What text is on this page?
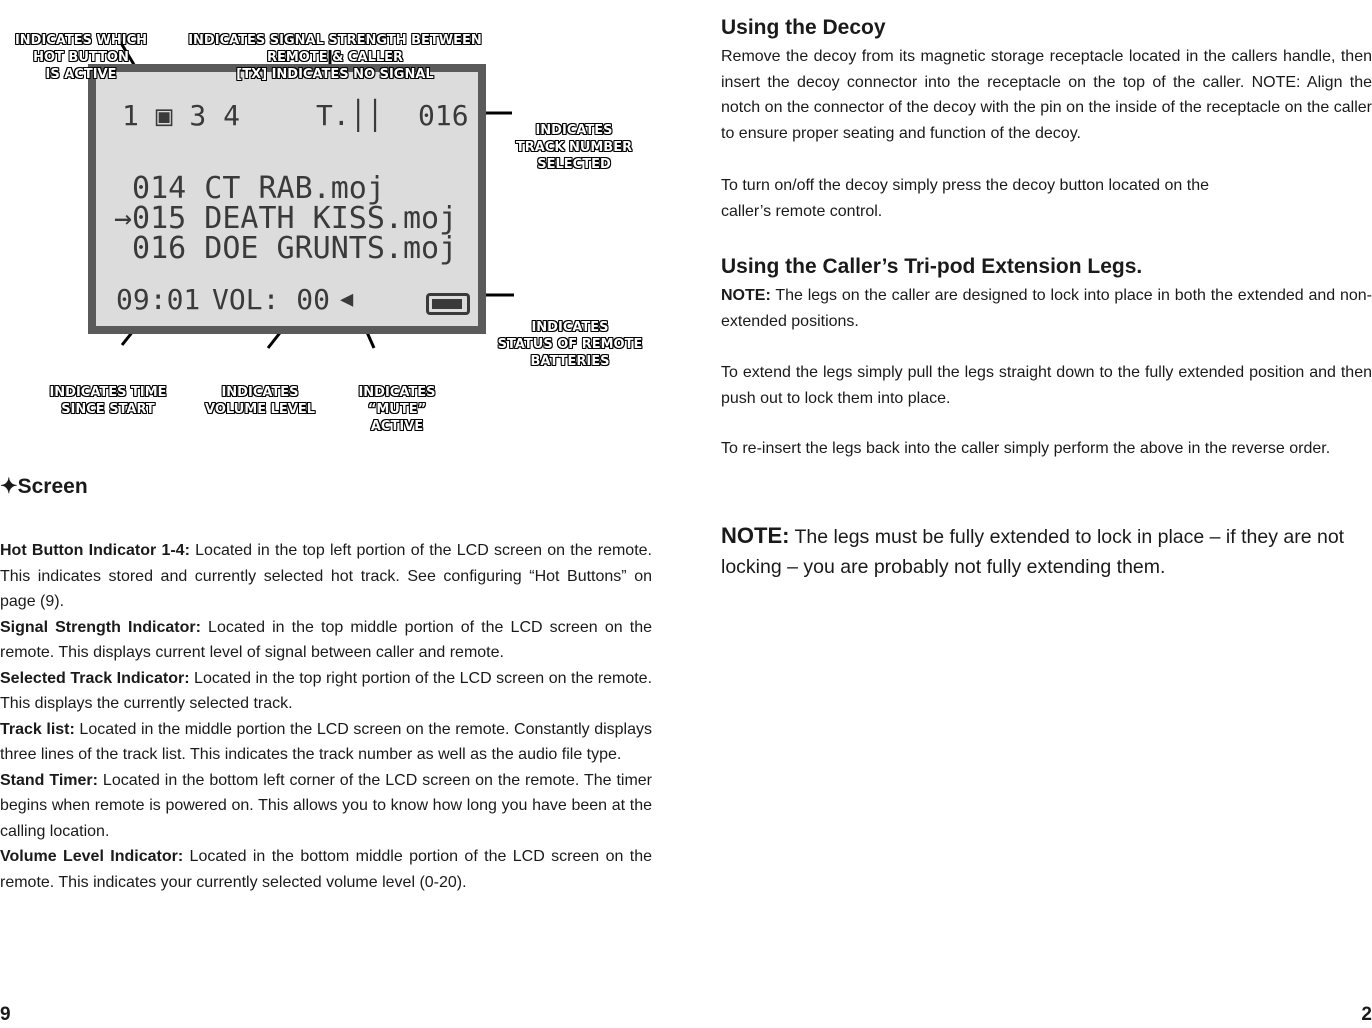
1 ▣ 3 4	T.││ 016
014 CT RAB.moj
→015 DEATH KISS.moj
016 DOE GRUNTS.moj
09:01 VOL: 00 ◀

INDICATES WHICH
HOT BUTTON
IS ACTIVE

INDICATES SIGNAL STRENGTH BETWEEN
REMOTE & CALLER
[TX] INDICATES NO SIGNAL

INDICATES
TRACK NUMBER
SELECTED

INDICATES
STATUS OF REMOTE
BATTERIES

INDICATES TIME
SINCE START

INDICATES
VOLUME LEVEL

INDICATES
“MUTE”
ACTIVE

✦Screen
Hot Button Indicator 1-4: Located in the top left portion of the LCD screen on the remote. This indicates stored and currently selected hot track. See configuring “Hot Buttons” on page (9).
Signal Strength Indicator: Located in the top middle portion of the LCD screen on the remote. This displays current level of signal between caller and remote.
Selected Track Indicator: Located in the top right portion of the LCD screen on the remote. This displays the currently selected track.
Track list: Located in the middle portion the LCD screen on the remote. Constantly displays three lines of the track list. This indicates the track number as well as the audio file type.
Stand Timer: Located in the bottom left corner of the LCD screen on the remote. The timer begins when remote is powered on. This allows you to know how long you have been at the calling location.
Volume Level Indicator: Located in the bottom middle portion of the LCD screen on the remote. This indicates your currently selected volume level (0-20).
9
Using the Decoy

Remove the decoy from its magnetic storage receptacle located in the callers handle, then insert the decoy connector into the receptacle on the top of the caller. NOTE: Align the notch on the connector of the decoy with the pin on the inside of the receptacle on the caller to ensure proper seating and function of the decoy.

To turn on/off the decoy simply press the decoy button located on the
caller’s remote control.
Using the Caller’s Tri-pod Extension Legs.

NOTE: The legs on the caller are designed to lock into place in both the extended and non-extended positions.

To extend the legs simply pull the legs straight down to the fully extended position and then push out to lock them into place.

To re-insert the legs back into the caller simply perform the above in the reverse order.

NOTE: The legs must be fully extended to lock in place – if they are not locking – you are probably not fully extending them.

2
